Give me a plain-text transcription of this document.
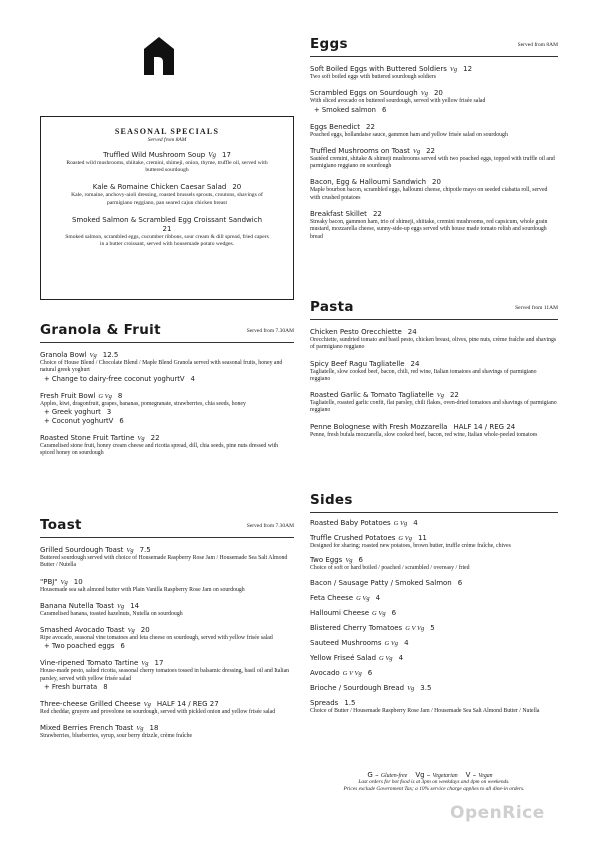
SEASONAL SPECIALS
Served from 8AM
Truffled Wild Mushroom Soup Vg 17
Roasted wild mushrooms, shiitake, cremini, shimeji, onion, thyme, truffle oil, served with buttered sourdough
Kale & Romaine Chicken Caesar Salad 20
Kale, romaine, anchovy-aioli dressing, roasted brussels sprouts, croutons, shavings of parmigiano reggiano, pan seared cajun chicken breast
Smoked Salmon & Scrambled Egg Croissant Sandwich
21
Smoked salmon, scrambled eggs, cucumber ribbons, sour cream & dill spread, fried capers in a butter croissant, served with housemade potato wedges.
Granola & Fruit	Served from 7.30AM
Granola Bowl Vg 12.5
Choice of House Blend / Chocolate Blend / Maple Blend Granola served with seasonal fruits, honey and natural greek yoghurt
+ Change to dairy-free coconut yoghurtV 4
Fresh Fruit Bowl G Vg 8
Apples, kiwi, dragonfruit, grapes, bananas, pomegranate, strawberries, chia seeds, honey
+ Greek yoghurt 3
+ Coconut yoghurtV 6
Roasted Stone Fruit Tartine Vg 22
Caramelised stone fruit, honey cream cheese and ricotta spread, dill, chia seeds, pine nuts dressed with spiced honey on sourdough
Toast	Served from 7.30AM
Grilled Sourdough Toast Vg 7.5
Buttered sourdough served with choice of Housemade Raspberry Rose Jam / Housemade Sea Salt Almond Butter / Nutella
"PBJ" Vg 10
Housemade sea salt almond butter with Plain Vanilla Raspberry Rose Jam on sourdough
Banana Nutella Toast Vg 14
Caramelised banana, toasted hazelnuts, Nutella on sourdough
Smashed Avocado Toast Vg 20
Ripe avocado, seasonal vine tomatoes and feta cheese on sourdough, served with yellow frisée salad
+ Two poached eggs 6
Vine-ripened Tomato Tartine Vg 17
House-made pesto, salted ricotta, seasonal cherry tomatoes tossed in balsamic dressing, basil oil and Italian parsley, served with yellow frisée salad
+ Fresh burrata 8
Three-cheese Grilled Cheese Vg HALF 14 / REG 27
Red cheddar, gruyere and provolone on sourdough, served with pickled onion and yellow frisée salad
Mixed Berries French Toast Vg 18
Strawberries, blueberries, syrup, sour berry drizzle, crème fraîche
Eggs	Served from 8AM
Soft Boiled Eggs with Buttered Soldiers Vg 12
Two soft boiled eggs with buttered sourdough soldiers
Scrambled Eggs on Sourdough Vg 20
With sliced avocado on buttered sourdough, served with yellow frisée salad
+ Smoked salmon 6
Eggs Benedict 22
Poached eggs, hollandaise sauce, gammon ham and yellow frisée salad on sourdough
Truffled Mushrooms on Toast Vg 22
Sautéed cremini, shitake & shimeji mushrooms served with two poached eggs, topped with truffle oil and parmigiano reggiano on sourdough
Bacon, Egg & Halloumi Sandwich 20
Maple bourbon bacon, scrambled eggs, halloumi cheese, chipotle mayo on seeded ciabatta roll, served with crushed potatoes
Breakfast Skillet 22
Streaky bacon, gammon ham, trio of shimeji, shiitake, cremini mushrooms, red capsicum, whole grain mustard, mozzarella cheese, sunny-side-up eggs served with house made tomato relish and sourdough bread
Pasta	Served from 11AM
Chicken Pesto Orecchiette 24
Orecchiette, sundried tomato and basil pesto, chicken breast, olives, pine nuts, crème fraîche and shavings of parmigiano reggiano
Spicy Beef Ragu Tagliatelle 24
Tagliatelle, slow cooked beef, bacon, chili, red wine, Italian tomatoes and shavings of parmigiano reggiano
Roasted Garlic & Tomato Tagliatelle Vg 22
Tagliatelle, roasted garlic confit, flat parsley, chili flakes, oven-dried tomatoes and shavings of parmigiano reggiano
Penne Bolognese with Fresh Mozzarella HALF 14 / REG 24
Penne, fresh bufala mozzarella, slow cooked beef, bacon, red wine, Italian whole-peeled tomatoes
Sides
Roasted Baby Potatoes G Vg 4
Truffle Crushed Potatoes G Vg 11
Designed for sharing; roasted new potatoes, brown butter, truffle crème fraîche, chives
Two Eggs Vg 6
Choice of soft or hard boiled / poached / scrambled / overeasy / fried
Bacon / Sausage Patty / Smoked Salmon 6
Feta Cheese G Vg 4
Halloumi Cheese G Vg 6
Blistered Cherry Tomatoes G V Vg 5
Sauteed Mushrooms G Vg 4
Yellow Friseé Salad G Vg 4
Avocado G V Vg 6
Brioche / Sourdough Bread Vg 3.5
Spreads 1.5
Choice of Butter / Housemade Raspberry Rose Jam / Housemade Sea Salt Almond Butter / Nutella
G – Gluten-free Vg – Vegetarian V – Vegan
Last orders for hot food is at 3pm on weekdays and 4pm on weekends.
Prices exclude Government Tax; a 10% service charge applies to all dine-in orders.
OpenRice
